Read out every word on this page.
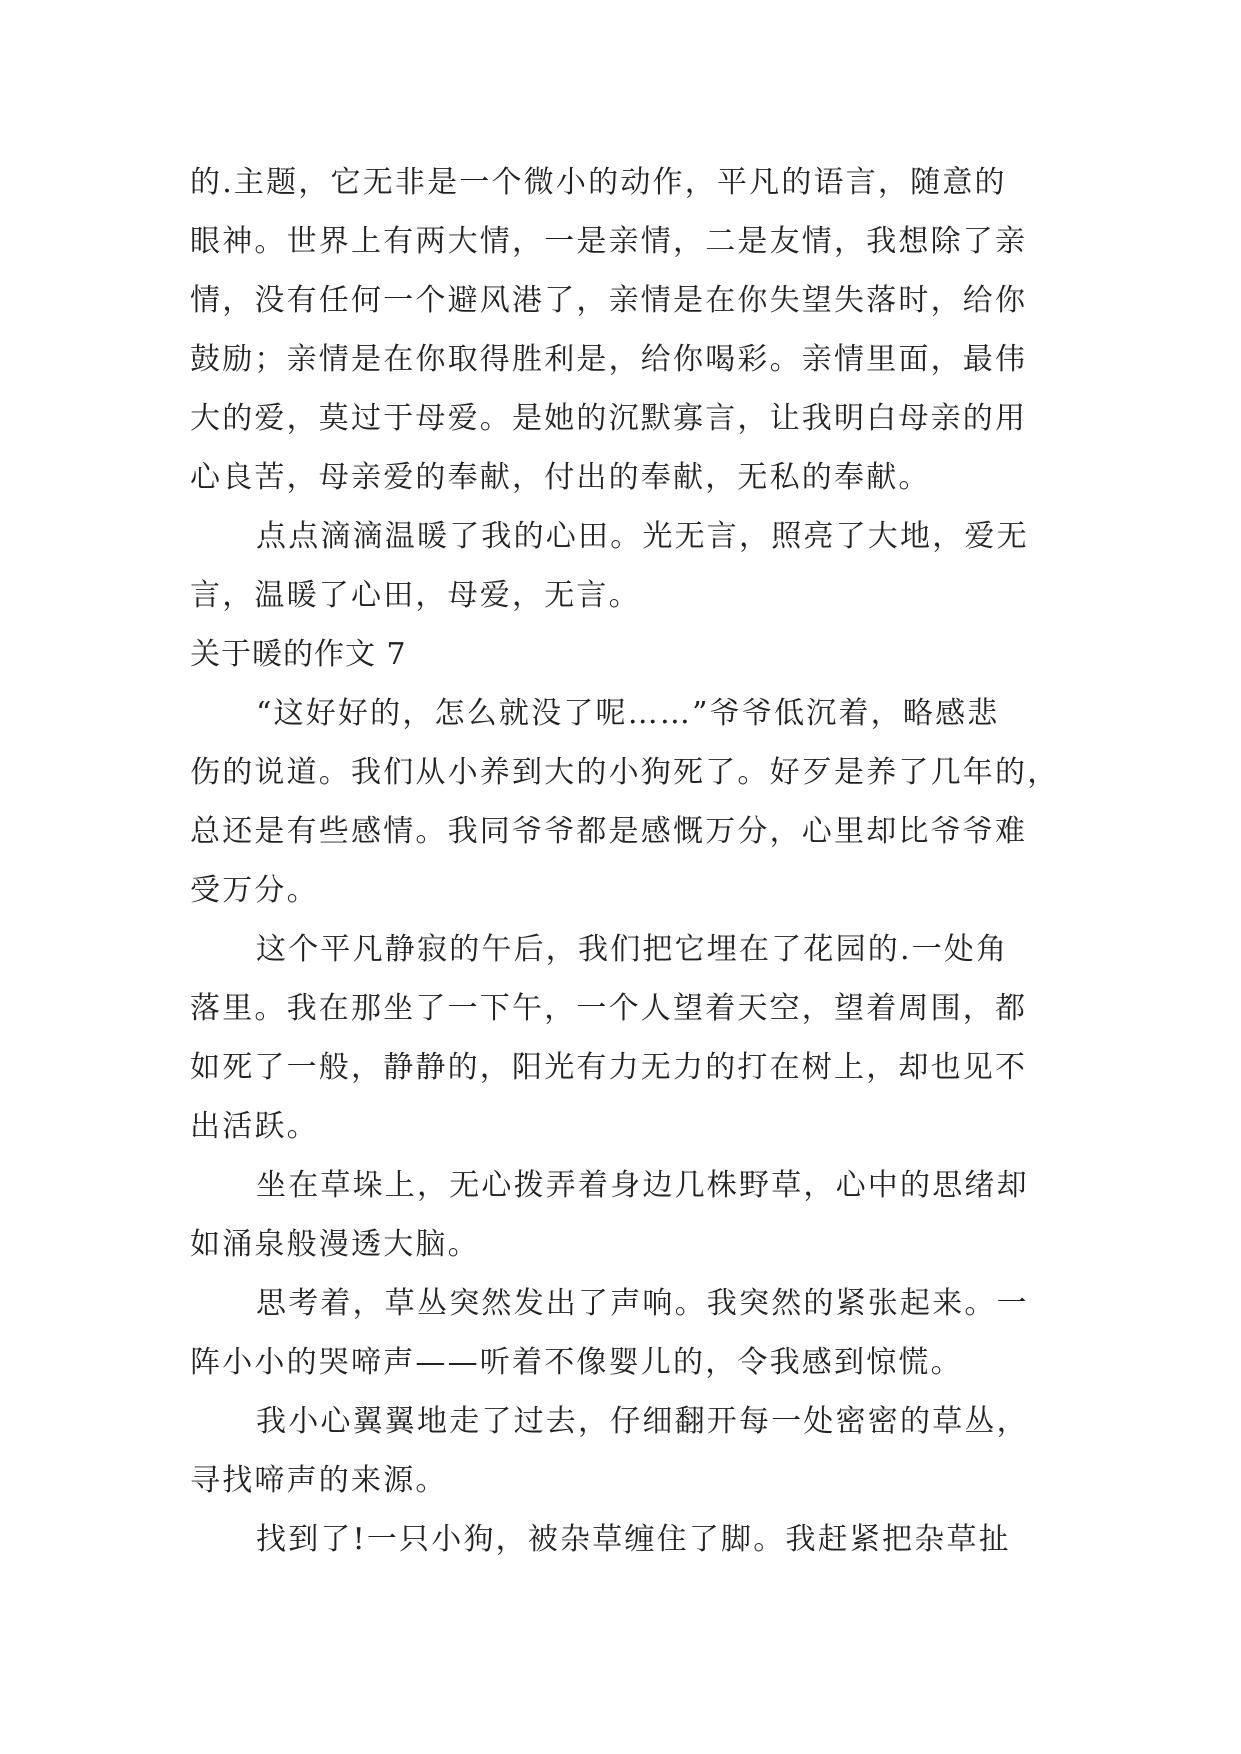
的.主题，它无非是一个微小的动作，平凡的语言，随意的
眼神。世界上有两大情，一是亲情，二是友情，我想除了亲
情，没有任何一个避风港了，亲情是在你失望失落时，给你
鼓励；亲情是在你取得胜利是，给你喝彩。亲情里面，最伟
大的爱，莫过于母爱。是她的沉默寡言，让我明白母亲的用
心良苦，母亲爱的奉献，付出的奉献，无私的奉献。
点点滴滴温暖了我的心田。光无言，照亮了大地，爱无
言，温暖了心田，母爱，无言。
关于暖的作文 7
“这好好的，怎么就没了呢……”爷爷低沉着，略感悲
伤的说道。我们从小养到大的小狗死了。好歹是养了几年的，
总还是有些感情。我同爷爷都是感慨万分，心里却比爷爷难
受万分。
这个平凡静寂的午后，我们把它埋在了花园的.一处角
落里。我在那坐了一下午，一个人望着天空，望着周围，都
如死了一般，静静的，阳光有力无力的打在树上，却也见不
出活跃。
坐在草垛上，无心拨弄着身边几株野草，心中的思绪却
如涌泉般漫透大脑。
思考着，草丛突然发出了声响。我突然的紧张起来。一
阵小小的哭啼声——听着不像婴儿的，令我感到惊慌。
我小心翼翼地走了过去，仔细翻开每一处密密的草丛，
寻找啼声的来源。
找到了!一只小狗，被杂草缠住了脚。我赶紧把杂草扯
